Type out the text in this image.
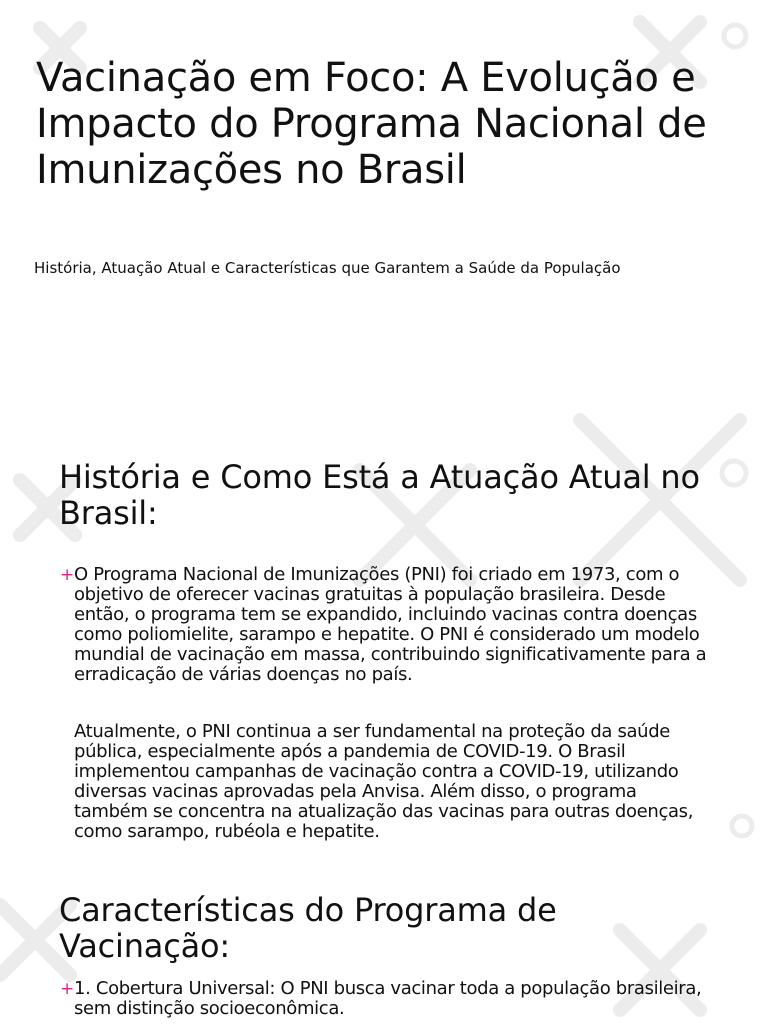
Vacinação em Foco: A Evolução e Impacto do Programa Nacional de Imunizações no Brasil

História, Atuação Atual e Características que Garantem a Saúde da População

História e Como Está a Atuação Atual no Brasil:
+ O Programa Nacional de Imunizações (PNI) foi criado em 1973, com o objetivo de oferecer vacinas gratuitas à população brasileira. Desde então, o programa tem se expandido, incluindo vacinas contra doenças como poliomielite, sarampo e hepatite. O PNI é considerado um modelo mundial de vacinação em massa, contribuindo significativamente para a erradicação de várias doenças no país.
Atualmente, o PNI continua a ser fundamental na proteção da saúde pública, especialmente após a pandemia de COVID-19. O Brasil implementou campanhas de vacinação contra a COVID-19, utilizando diversas vacinas aprovadas pela Anvisa. Além disso, o programa também se concentra na atualização das vacinas para outras doenças, como sarampo, rubéola e hepatite.
Características do Programa de Vacinação:
+ 1. Cobertura Universal: O PNI busca vacinar toda a população brasileira, sem distinção socioeconômica.
